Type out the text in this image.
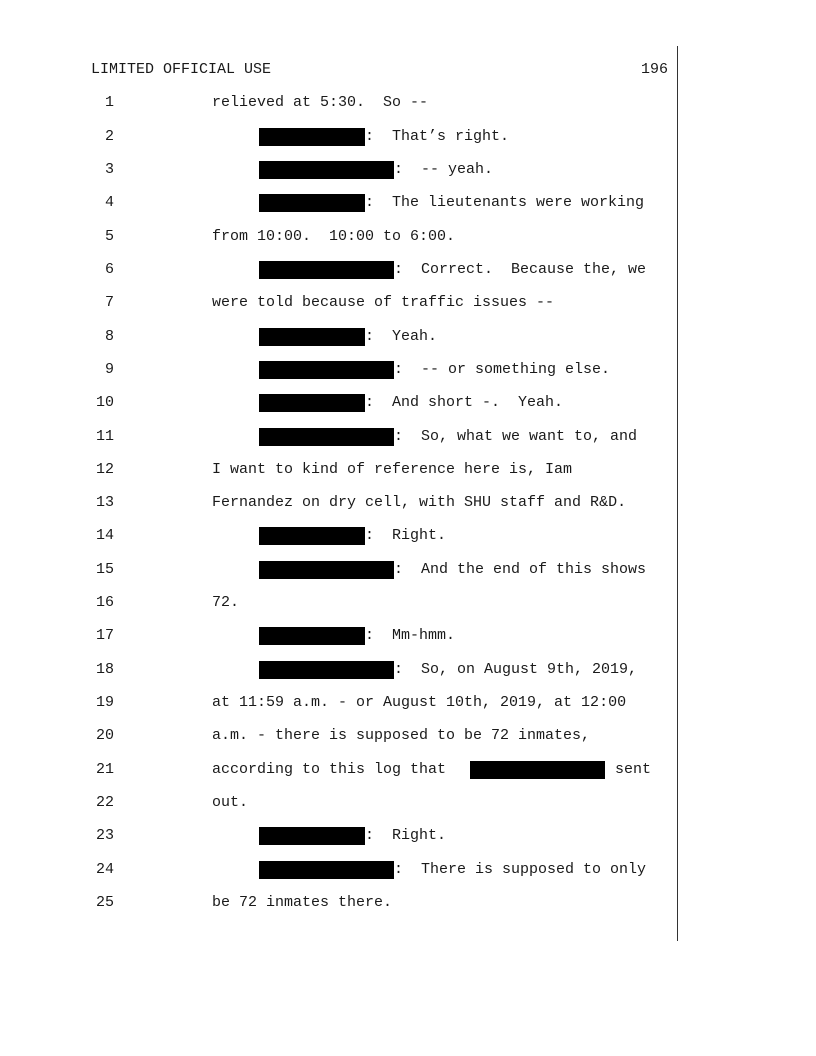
LIMITED OFFICIAL USE	196
1	relieved at 5:30.  So --
2	:  That’s right.
3	:  -- yeah.
4	:  The lieutenants were working
5	from 10:00.  10:00 to 6:00.
6	:  Correct.  Because the, we
7	were told because of traffic issues --
8	:  Yeah.
9	:  -- or something else.
10	:  And short -.  Yeah.
11	:  So, what we want to, and
12	I want to kind of reference here is, Iam
13	Fernandez on dry cell, with SHU staff and R&D.
14	:  Right.
15	:  And the end of this shows
16	72.
17	:  Mm-hmm.
18	:  So, on August 9th, 2019,
19	at 11:59 a.m. - or August 10th, 2019, at 12:00
20	a.m. - there is supposed to be 72 inmates,
21	according to this log that	sent
22	out.
23	:  Right.
24	:  There is supposed to only
25	be 72 inmates there.
